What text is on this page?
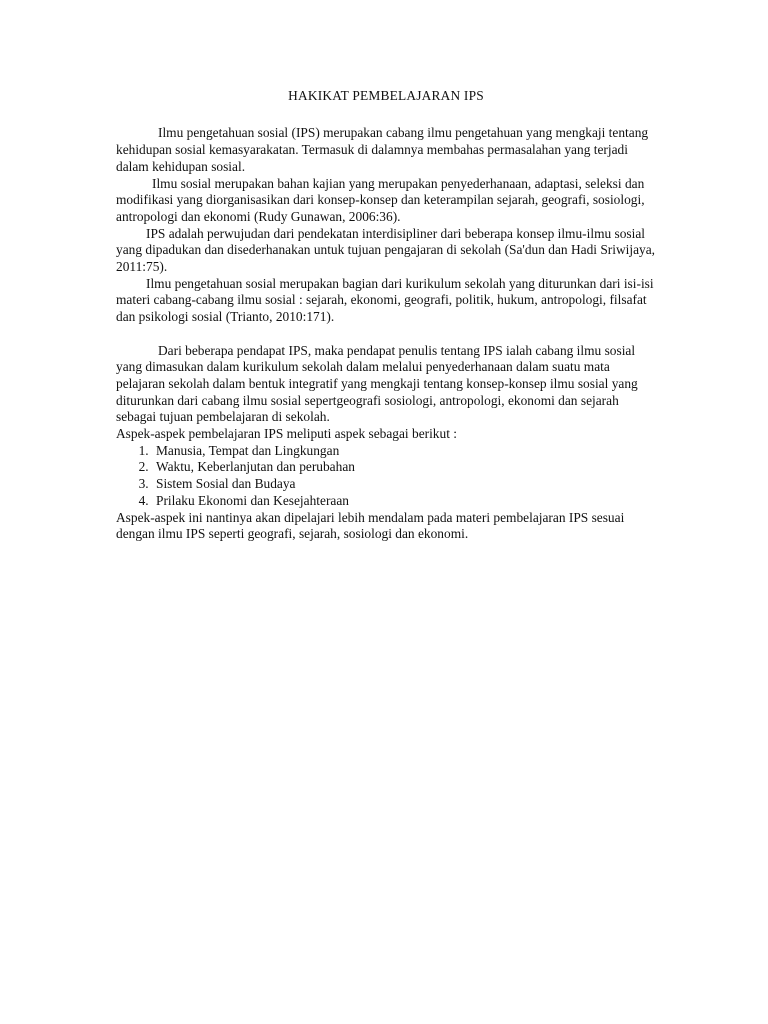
HAKIKAT PEMBELAJARAN IPS

Ilmu pengetahuan sosial (IPS) merupakan cabang ilmu pengetahuan yang mengkaji tentang kehidupan sosial kemasyarakatan. Termasuk di dalamnya membahas permasalahan yang terjadi dalam kehidupan sosial.

Ilmu sosial merupakan bahan kajian yang merupakan penyederhanaan, adaptasi, seleksi dan modifikasi yang diorganisasikan dari konsep-konsep dan keterampilan sejarah, geografi, sosiologi, antropologi dan ekonomi (Rudy Gunawan, 2006:36).

IPS adalah perwujudan dari pendekatan interdisipliner dari beberapa konsep ilmu-ilmu sosial yang dipadukan dan disederhanakan untuk tujuan pengajaran di sekolah (Sa'dun dan Hadi Sriwijaya, 2011:75).

Ilmu pengetahuan sosial merupakan bagian dari kurikulum sekolah yang diturunkan dari isi-isi materi cabang-cabang ilmu sosial : sejarah, ekonomi, geografi, politik, hukum, antropologi, filsafat dan psikologi sosial (Trianto, 2010:171).

Dari beberapa pendapat IPS, maka pendapat penulis tentang IPS ialah cabang ilmu sosial yang dimasukan dalam kurikulum sekolah dalam melalui penyederhanaan dalam suatu mata pelajaran sekolah dalam bentuk integratif yang mengkaji tentang konsep-konsep ilmu sosial yang diturunkan dari cabang ilmu sosial sepertgeografi sosiologi, antropologi, ekonomi dan sejarah sebagai tujuan pembelajaran di sekolah.

Aspek-aspek pembelajaran IPS meliputi aspek sebagai berikut :

1. Manusia, Tempat dan Lingkungan
2. Waktu, Keberlanjutan dan perubahan
3. Sistem Sosial dan Budaya
4. Prilaku Ekonomi dan Kesejahteraan

Aspek-aspek ini nantinya akan dipelajari lebih mendalam pada materi pembelajaran IPS sesuai dengan ilmu IPS seperti geografi, sejarah, sosiologi dan ekonomi.
